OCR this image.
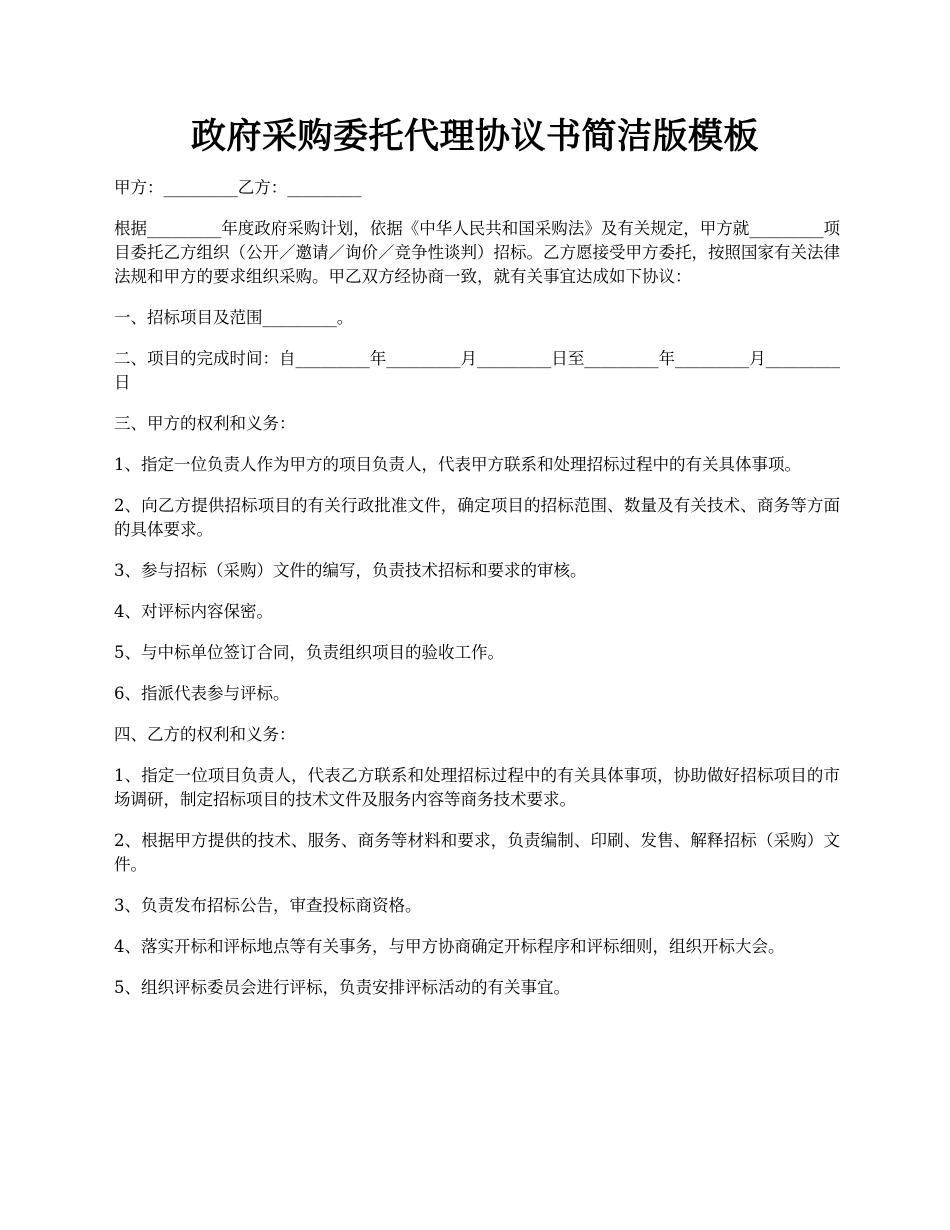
政府采购委托代理协议书简洁版模板

甲方：_________乙方：_________

根据_________年度政府采购计划，依据《中华人民共和国采购法》及有关规定，甲方就_________项目委托乙方组织（公开／邀请／询价／竞争性谈判）招标。乙方愿接受甲方委托，按照国家有关法律法规和甲方的要求组织采购。甲乙双方经协商一致，就有关事宜达成如下协议：

一、招标项目及范围_________。

二、项目的完成时间：自_________年_________月_________日至_________年_________月_________日

三、甲方的权利和义务：

1、指定一位负责人作为甲方的项目负责人，代表甲方联系和处理招标过程中的有关具体事项。

2、向乙方提供招标项目的有关行政批准文件，确定项目的招标范围、数量及有关技术、商务等方面的具体要求。

3、参与招标（采购）文件的编写，负责技术招标和要求的审核。

4、对评标内容保密。

5、与中标单位签订合同，负责组织项目的验收工作。

6、指派代表参与评标。

四、乙方的权利和义务：

1、指定一位项目负责人，代表乙方联系和处理招标过程中的有关具体事项，协助做好招标项目的市场调研，制定招标项目的技术文件及服务内容等商务技术要求。

2、根据甲方提供的技术、服务、商务等材料和要求，负责编制、印刷、发售、解释招标（采购）文件。

3、负责发布招标公告，审查投标商资格。

4、落实开标和评标地点等有关事务，与甲方协商确定开标程序和评标细则，组织开标大会。

5、组织评标委员会进行评标，负责安排评标活动的有关事宜。
